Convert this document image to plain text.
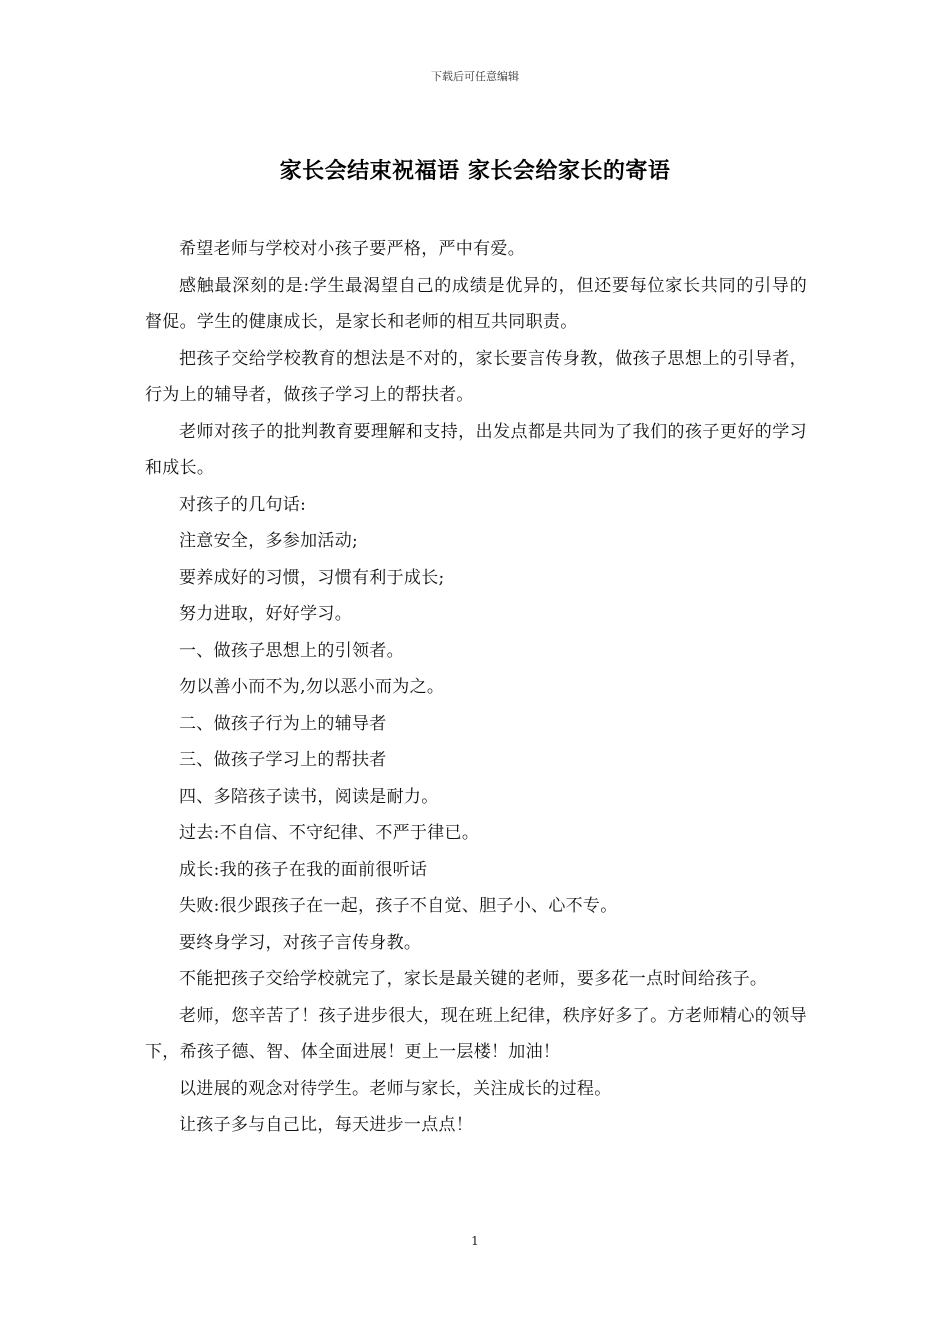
下载后可任意编辑
家长会结束祝福语 家长会给家长的寄语

希望老师与学校对小孩子要严格，严中有爱。

感触最深刻的是:学生最渴望自己的成绩是优异的，但还要每位家长共同的引导的督促。学生的健康成长，是家长和老师的相互共同职责。

把孩子交给学校教育的想法是不对的，家长要言传身教，做孩子思想上的引导者，行为上的辅导者，做孩子学习上的帮扶者。

老师对孩子的批判教育要理解和支持，出发点都是共同为了我们的孩子更好的学习和成长。

对孩子的几句话:

注意安全，多参加活动;

要养成好的习惯，习惯有利于成长;

努力进取，好好学习。

一、做孩子思想上的引领者。

勿以善小而不为,勿以恶小而为之。

二、做孩子行为上的辅导者

三、做孩子学习上的帮扶者

四、多陪孩子读书，阅读是耐力。

过去:不自信、不守纪律、不严于律已。

成长:我的孩子在我的面前很听话

失败:很少跟孩子在一起，孩子不自觉、胆子小、心不专。

要终身学习，对孩子言传身教。

不能把孩子交给学校就完了，家长是最关键的老师，要多花一点时间给孩子。

老师，您辛苦了！孩子进步很大，现在班上纪律，秩序好多了。方老师精心的领导下，希孩子德、智、体全面进展！更上一层楼！加油！

以进展的观念对待学生。老师与家长，关注成长的过程。

让孩子多与自己比，每天进步一点点！

1
